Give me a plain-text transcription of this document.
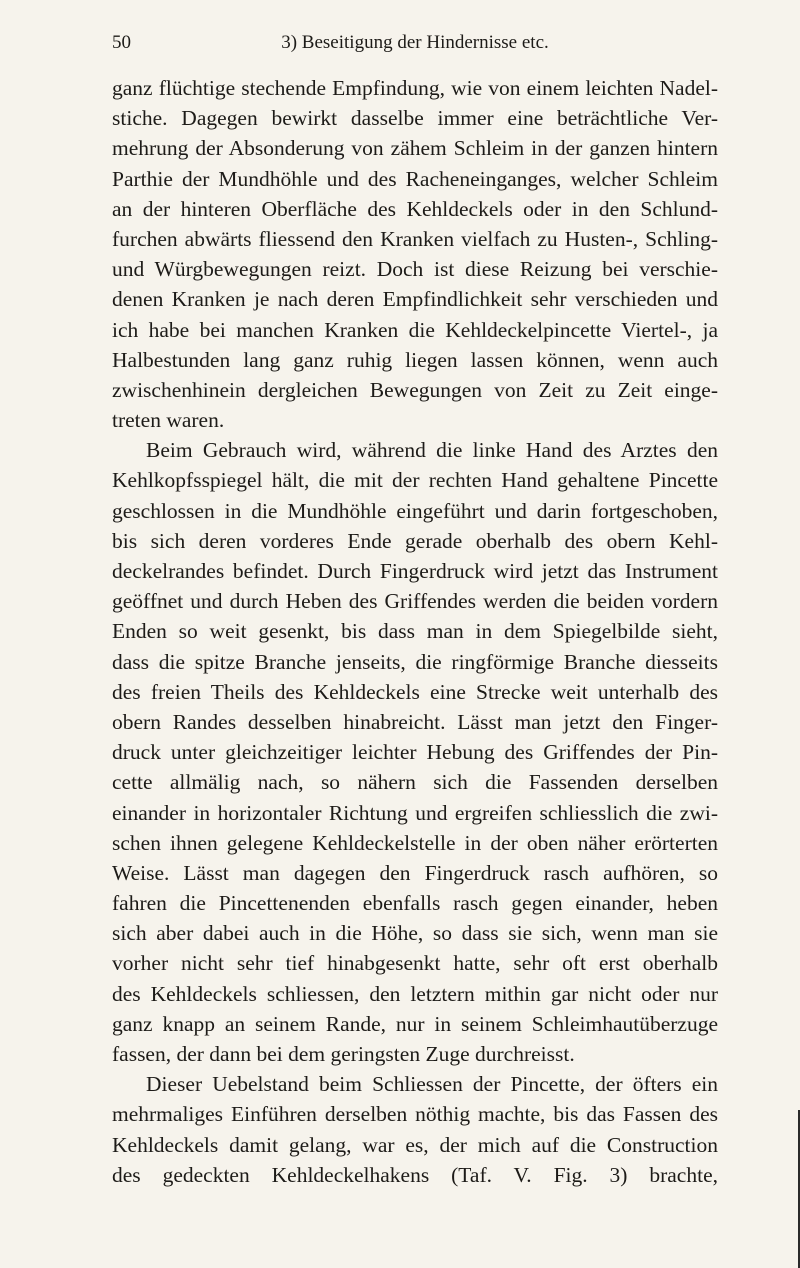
50	3) Beseitigung der Hindernisse etc.
ganz flüchtige stechende Empfindung, wie von einem leichten Nadel-
stiche. Dagegen bewirkt dasselbe immer eine beträchtliche Ver-
mehrung der Absonderung von zähem Schleim in der ganzen hintern
Parthie der Mundhöhle und des Racheneinganges, welcher Schleim
an der hinteren Oberfläche des Kehldeckels oder in den Schlund-
furchen abwärts fliessend den Kranken vielfach zu Husten-, Schling-
und Würgbewegungen reizt. Doch ist diese Reizung bei verschie-
denen Kranken je nach deren Empfindlichkeit sehr verschieden und
ich habe bei manchen Kranken die Kehldeckelpincette Viertel-, ja
Halbestunden lang ganz ruhig liegen lassen können, wenn auch
zwischenhinein dergleichen Bewegungen von Zeit zu Zeit einge-
treten waren.
Beim Gebrauch wird, während die linke Hand des Arztes den
Kehlkopfsspiegel hält, die mit der rechten Hand gehaltene Pincette
geschlossen in die Mundhöhle eingeführt und darin fortgeschoben,
bis sich deren vorderes Ende gerade oberhalb des obern Kehl-
deckelrandes befindet. Durch Fingerdruck wird jetzt das Instrument
geöffnet und durch Heben des Griffendes werden die beiden vordern
Enden so weit gesenkt, bis dass man in dem Spiegelbilde sieht,
dass die spitze Branche jenseits, die ringförmige Branche diesseits
des freien Theils des Kehldeckels eine Strecke weit unterhalb des
obern Randes desselben hinabreicht. Lässt man jetzt den Finger-
druck unter gleichzeitiger leichter Hebung des Griffendes der Pin-
cette allmälig nach, so nähern sich die Fassenden derselben
einander in horizontaler Richtung und ergreifen schliesslich die zwi-
schen ihnen gelegene Kehldeckelstelle in der oben näher erörterten
Weise. Lässt man dagegen den Fingerdruck rasch aufhören, so
fahren die Pincettenenden ebenfalls rasch gegen einander, heben
sich aber dabei auch in die Höhe, so dass sie sich, wenn man sie
vorher nicht sehr tief hinabgesenkt hatte, sehr oft erst oberhalb
des Kehldeckels schliessen, den letztern mithin gar nicht oder nur
ganz knapp an seinem Rande, nur in seinem Schleimhautüberzuge
fassen, der dann bei dem geringsten Zuge durchreisst.
Dieser Uebelstand beim Schliessen der Pincette, der öfters ein
mehrmaliges Einführen derselben nöthig machte, bis das Fassen des
Kehldeckels damit gelang, war es, der mich auf die Construction
des gedeckten Kehldeckelhakens (Taf. V. Fig. 3) brachte,
